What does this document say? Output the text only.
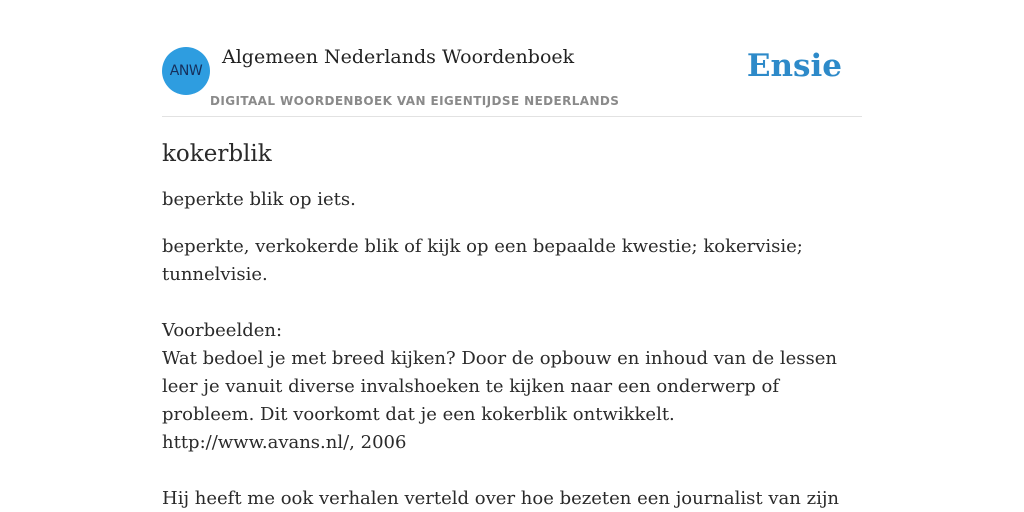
ANW
Algemeen Nederlands Woordenboek
DIGITAAL WOORDENBOEK VAN EIGENTIJDSE NEDERLANDS
Ensie
kokerblik

beperkte blik op iets.

beperkte, verkokerde blik of kijk op een bepaalde kwestie; kokervisie; tunnelvisie.

Voorbeelden:

Wat bedoel je met breed kijken? Door de opbouw en inhoud van de lessen leer je vanuit diverse invalshoeken te kijken naar een onderwerp of probleem. Dit voorkomt dat je een kokerblik ontwikkelt.
http://www.avans.nl/, 2006
Hij heeft me ook verhalen verteld over hoe bezeten een journalist van zijn
